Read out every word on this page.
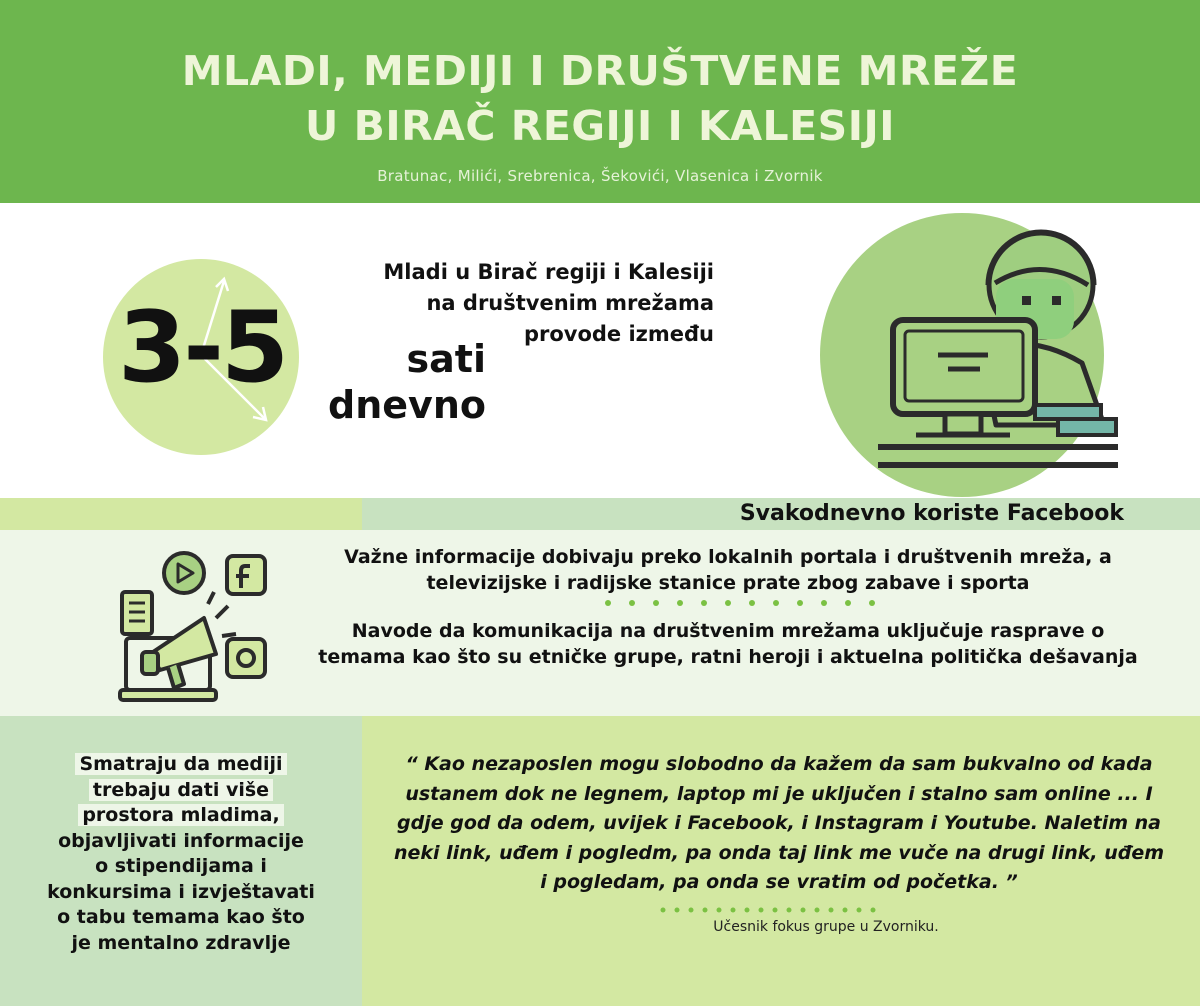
MLADI, MEDIJI I DRUŠTVENE MREŽE
U BIRAČ REGIJI I KALESIJI
Bratunac, Milići, Srebrenica, Šekovići, Vlasenica i Zvornik
3-5
Mladi u Birač regiji i Kalesiji
na društvenim mrežama
provode između
sati
dnevno
Svakodnevno koriste Facebook
Važne informacije dobivaju preko lokalnih portala i društvenih mreža, a televizijske i radijske stanice prate zbog zabave i sporta
Navode da komunikacija na društvenim mrežama uključuje rasprave o temama kao što su etničke grupe, ratni heroji i aktuelna politička dešavanja
Smatraju da mediji
trebaju dati više
prostora mladima,
objavljivati informacije
o stipendijama i
konkursima i izvještavati
o tabu temama kao što
je mentalno zdravlje
“ Kao nezaposlen mogu slobodno da kažem da sam bukvalno od kada ustanem dok ne legnem, laptop mi je uključen i stalno sam online ... I gdje god da odem, uvijek i Facebook, i Instagram i Youtube. Naletim na neki link, uđem i pogledm, pa onda taj link me vuče na drugi link, uđem i pogledam, pa onda se vratim od početka. ”
Učesnik fokus grupe u Zvorniku.
